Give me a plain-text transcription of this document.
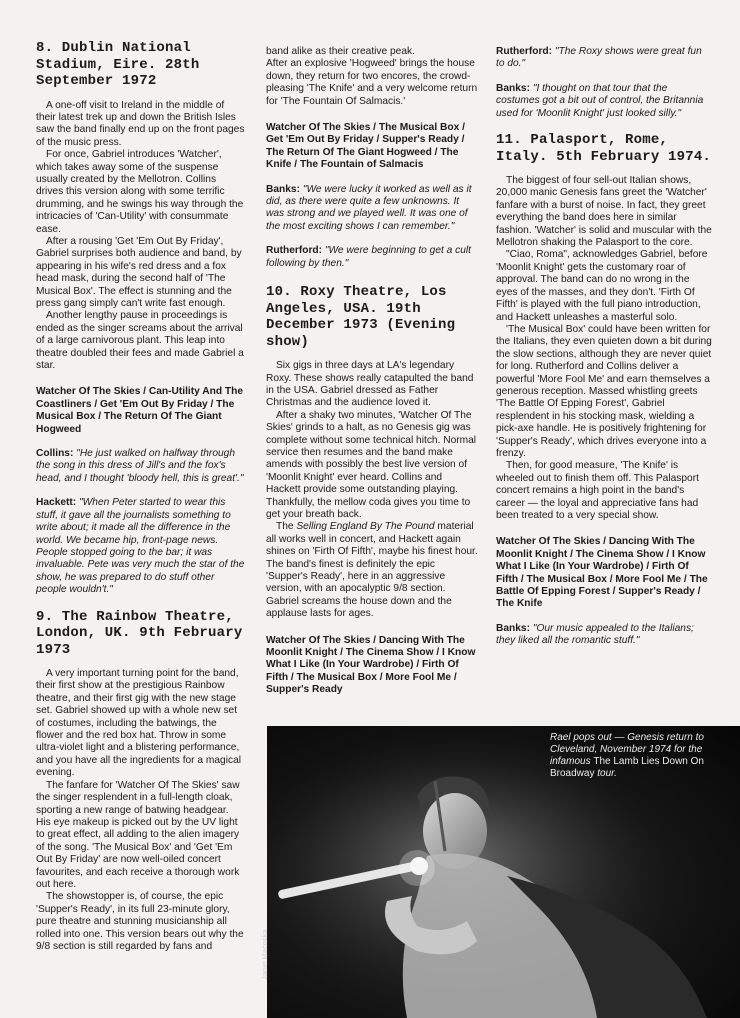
8. Dublin National Stadium, Eire. 28th September 1972

A one-off visit to Ireland in the middle of their latest trek up and down the British Isles saw the band finally end up on the front pages of the music press.

For once, Gabriel introduces 'Watcher', which takes away some of the suspense usually created by the Mellotron. Collins drives this version along with some terrific drumming, and he swings his way through the intricacies of 'Can-Utility' with consummate ease.

After a rousing 'Get 'Em Out By Friday', Gabriel surprises both audience and band, by appearing in his wife's red dress and a fox head mask, during the second half of 'The Musical Box'. The effect is stunning and the press gang simply can't write fast enough.

Another lengthy pause in proceedings is ended as the singer screams about the arrival of a large carnivorous plant. This leap into theatre doubled their fees and made Gabriel a star.

Watcher Of The Skies / Can-Utility And The Coastliners / Get 'Em Out By Friday / The Musical Box / The Return Of The Giant Hogweed

Collins: "He just walked on halfway through the song in this dress of Jill's and the fox's head, and I thought 'bloody hell, this is great'."

Hackett: "When Peter started to wear this stuff, it gave all the journalists something to write about; it made all the difference in the world. We became hip, front-page news. People stopped going to the bar; it was invaluable. Pete was very much the star of the show, he was prepared to do stuff other people wouldn't."

9. The Rainbow Theatre, London, UK. 9th February 1973

A very important turning point for the band, their first show at the prestigious Rainbow theatre, and their first gig with the new stage set. Gabriel showed up with a whole new set of costumes, including the batwings, the flower and the red box hat. Throw in some ultra-violet light and a blistering performance, and you have all the ingredients for a magical evening.

The fanfare for 'Watcher Of The Skies' saw the singer resplendent in a full-length cloak, sporting a new range of batwing headgear. His eye makeup is picked out by the UV light to great effect, all adding to the alien imagery of the song. 'The Musical Box' and 'Get 'Em Out By Friday' are now well-oiled concert favourites, and each receive a thorough work out here.

The showstopper is, of course, the epic 'Supper's Ready', in its full 23-minute glory, pure theatre and stunning musicianship all rolled into one. This version bears out why the 9/8 section is still regarded by fans and

band alike as their creative peak.

After an explosive 'Hogweed' brings the house down, they return for two encores, the crowd-pleasing 'The Knife' and a very welcome return for 'The Fountain Of Salmacis.'

Watcher Of The Skies / The Musical Box / Get 'Em Out By Friday / Supper's Ready / The Return Of The Giant Hogweed / The Knife / The Fountain of Salmacis

Banks: "We were lucky it worked as well as it did, as there were quite a few unknowns. It was strong and we played well. It was one of the most exciting shows I can remember."

Rutherford: "We were beginning to get a cult following by then."

10. Roxy Theatre, Los Angeles, USA. 19th December 1973 (Evening show)

Six gigs in three days at LA's legendary Roxy. These shows really catapulted the band in the USA. Gabriel dressed as Father Christmas and the audience loved it.

After a shaky two minutes, 'Watcher Of The Skies' grinds to a halt, as no Genesis gig was complete without some technical hitch. Normal service then resumes and the band make amends with possibly the best live version of 'Moonlit Knight' ever heard. Collins and Hackett provide some outstanding playing. Thankfully, the mellow coda gives you time to get your breath back.

The Selling England By The Pound material all works well in concert, and Hackett again shines on 'Firth Of Fifth', maybe his finest hour. The band's finest is definitely the epic 'Supper's Ready', here in an aggressive version, with an apocalyptic 9/8 section. Gabriel screams the house down and the applause lasts for ages.

Watcher Of The Skies / Dancing With The Moonlit Knight / The Cinema Show / I Know What I Like (In Your Wardrobe) / Firth Of Fifth / The Musical Box / More Fool Me / Supper's Ready

Rutherford: "The Roxy shows were great fun to do."

Banks: "I thought on that tour that the costumes got a bit out of control, the Britannia used for 'Moonlit Knight' just looked silly."

11. Palasport, Rome, Italy. 5th February 1974.

The biggest of four sell-out Italian shows, 20,000 manic Genesis fans greet the 'Watcher' fanfare with a burst of noise. In fact, they greet everything the band does here in similar fashion. 'Watcher' is solid and muscular with the Mellotron shaking the Palasport to the core.

"Ciao, Roma", acknowledges Gabriel, before 'Moonlit Knight' gets the customary roar of approval. The band can do no wrong in the eyes of the masses, and they don't. 'Firth Of Fifth' is played with the full piano introduction, and Hackett unleashes a masterful solo.

'The Musical Box' could have been written for the Italians, they even quieten down a bit during the slow sections, although they are never quiet for long. Rutherford and Collins deliver a powerful 'More Fool Me' and earn themselves a generous reception. Massed whistling greets 'The Battle Of Epping Forest', Gabriel resplendent in his stocking mask, wielding a pick-axe handle. He is positively frightening for 'Supper's Ready', which drives everyone into a frenzy.

Then, for good measure, 'The Knife' is wheeled out to finish them off. This Palasport concert remains a high point in the band's career — the loyal and appreciative fans had been treated to a very special show.

Watcher Of The Skies / Dancing With The Moonlit Knight / The Cinema Show / I Know What I Like (In Your Wardrobe) / Firth Of Fifth / The Musical Box / More Fool Me / The Battle Of Epping Forest / Supper's Ready / The Knife

Banks: "Our music appealed to the Italians; they liked all the romantic stuff."

Rael pops out — Genesis return to Cleveland, November 1974 for the infamous The Lamb Lies Down On Broadway tour.
Janet Macoska
